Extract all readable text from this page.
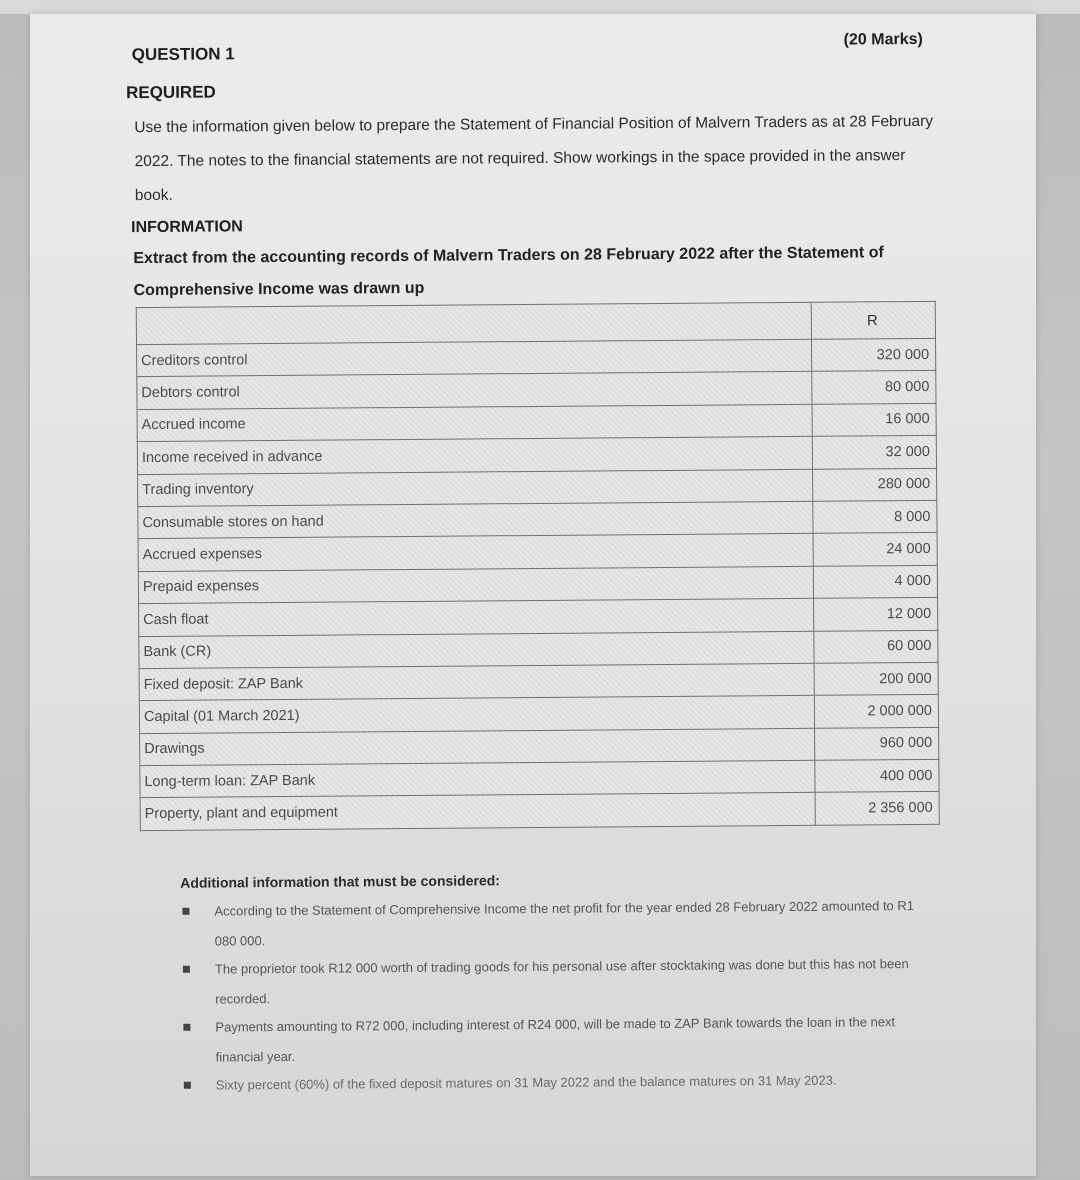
QUESTION 1
(20 Marks)
REQUIRED
Use the information given below to prepare the Statement of Financial Position of Malvern Traders as at 28 February 2022. The notes to the financial statements are not required. Show workings in the space provided in the answer book.
INFORMATION
Extract from the accounting records of Malvern Traders on 28 February 2022 after the Statement of Comprehensive Income was drawn up
	R
Creditors control	320 000
Debtors control	80 000
Accrued income	16 000
Income received in advance	32 000
Trading inventory	280 000
Consumable stores on hand	8 000
Accrued expenses	24 000
Prepaid expenses	4 000
Cash float	12 000
Bank (CR)	60 000
Fixed deposit: ZAP Bank	200 000
Capital (01 March 2021)	2 000 000
Drawings	960 000
Long-term loan: ZAP Bank	400 000
Property, plant and equipment	2 356 000
Additional information that must be considered:
According to the Statement of Comprehensive Income the net profit for the year ended 28 February 2022 amounted to R1 080 000.
The proprietor took R12 000 worth of trading goods for his personal use after stocktaking was done but this has not been recorded.
Payments amounting to R72 000, including interest of R24 000, will be made to ZAP Bank towards the loan in the next financial year.
Sixty percent (60%) of the fixed deposit matures on 31 May 2022 and the balance matures on 31 May 2023.
